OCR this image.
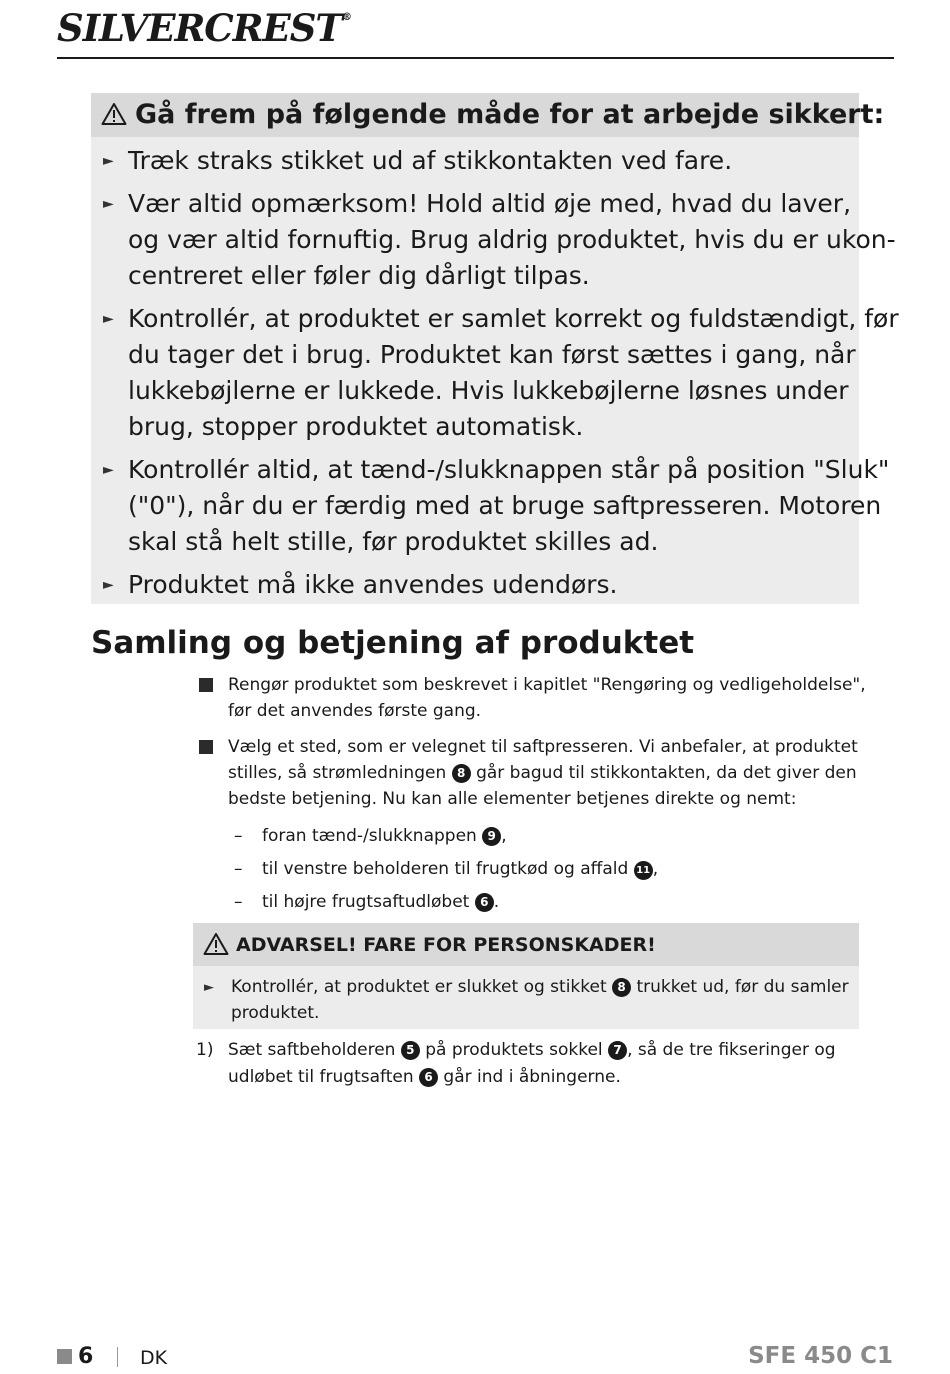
SILVERCREST®
Gå frem på følgende måde for at arbejde sikkert:
► Træk straks stikket ud af stikkontakten ved fare.
► Vær altid opmærksom! Hold altid øje med, hvad du laver,
og vær altid fornuftig. Brug aldrig produktet, hvis du er ukon-
centreret eller føler dig dårligt tilpas.
► Kontrollér, at produktet er samlet korrekt og fuldstændigt, før
du tager det i brug. Produktet kan først sættes i gang, når
lukkebøjlerne er lukkede. Hvis lukkebøjlerne løsnes under
brug, stopper produktet automatisk.
► Kontrollér altid, at tænd-/slukknappen står på position "Sluk"
("0"), når du er færdig med at bruge saftpresseren. Motoren
skal stå helt stille, før produktet skilles ad.
► Produktet må ikke anvendes udendørs.
Samling og betjening af produktet
Rengør produktet som beskrevet i kapitlet "Rengøring og vedligeholdelse",
før det anvendes første gang.
Vælg et sted, som er velegnet til saftpresseren. Vi anbefaler, at produktet
stilles, så strømledningen 8 går bagud til stikkontakten, da det giver den
bedste betjening. Nu kan alle elementer betjenes direkte og nemt:
– foran tænd-/slukknappen 9 ,
– til venstre beholderen til frugtkød og affald 11 ,
– til højre frugtsaftudløbet 6 .
ADVARSEL! FARE FOR PERSONSKADER!
► Kontrollér, at produktet er slukket og stikket 8 trukket ud, før du samler
produktet.
1) Sæt saftbeholderen 5 på produktets sokkel 7 , så de tre fikseringer og
udløbet til frugtsaften 6 går ind i åbningerne.
6 DK	SFE 450 C1
